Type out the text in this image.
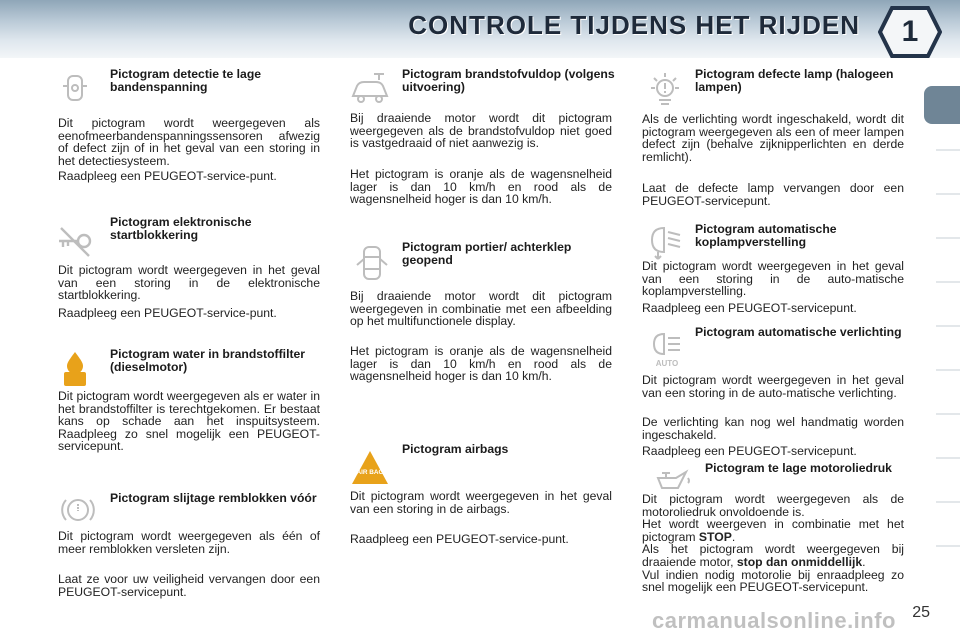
CONTROLE TIJDENS HET RIJDEN	1
Pictogram detectie te lage bandenspanning

Dit pictogram wordt weergegeven als eenofmeerbandenspanningssensoren afwezig of defect zijn of in het geval van een storing in het detectiesysteem.

Raadpleeg een PEUGEOT-service-punt.

Pictogram elektronische startblokkering

Dit pictogram wordt weergegeven in het geval van een storing in de elektronische startblokkering.

Raadpleeg een PEUGEOT-service-punt.

Pictogram water in brandstoffilter (dieselmotor)

Dit pictogram wordt weergegeven als er water in het brandstoffilter is terechtgekomen. Er bestaat kans op schade aan het inspuitsysteem. Raadpleeg zo snel mogelijk een PEUGEOT-servicepunt.

Pictogram slijtage remblokken vóór

Dit pictogram wordt weergegeven als één of meer remblokken versleten zijn.

Laat ze voor uw veiligheid vervangen door een PEUGEOT-servicepunt.

Pictogram brandstofvuldop (volgens uitvoering)

Bij draaiende motor wordt dit pictogram weergegeven als de brandstofvuldop niet goed is vastgedraaid of niet aanwezig is.

Het pictogram is oranje als de wagensnelheid lager is dan 10 km/h en rood als de wagensnelheid hoger is dan 10 km/h.

Pictogram portier/ achterklep geopend

Bij draaiende motor wordt dit pictogram weergegeven in combinatie met een afbeelding op het multifunctionele display.

Het pictogram is oranje als de wagensnelheid lager is dan 10 km/h en rood als de wagensnelheid hoger is dan 10 km/h.

AIR BAG
Pictogram airbags

Dit pictogram wordt weergegeven in het geval van een storing in de airbags.

Raadpleeg een PEUGEOT-service-punt.

Pictogram defecte lamp (halogeen lampen)

Als de verlichting wordt ingeschakeld, wordt dit pictogram weergegeven als een of meer lampen defect zijn (behalve zijknipperlichten en derde remlicht).

Laat de defecte lamp vervangen door een PEUGEOT-servicepunt.

Pictogram automatische koplampverstelling

Dit pictogram wordt weergegeven in het geval van een storing in de auto-matische koplampverstelling.

Raadpleeg een PEUGEOT-servicepunt.

AUTO
Pictogram automatische verlichting

Dit pictogram wordt weergegeven in het geval van een storing in de auto-matische verlichting.

De verlichting kan nog wel handmatig worden ingeschakeld.

Raadpleeg een PEUGEOT-servicepunt.

Pictogram te lage motoroliedruk

Dit pictogram wordt weergegeven als de motoroliedruk onvoldoende is.
Het wordt weergeven in combinatie met het pictogram STOP.
Als het pictogram wordt weergegeven bij draaiende motor, stop dan onmiddellijk.
Vul indien nodig motorolie bij enraadpleeg zo snel mogelijk een PEUGEOT-servicepunt.

25
carmanualsonline.info
